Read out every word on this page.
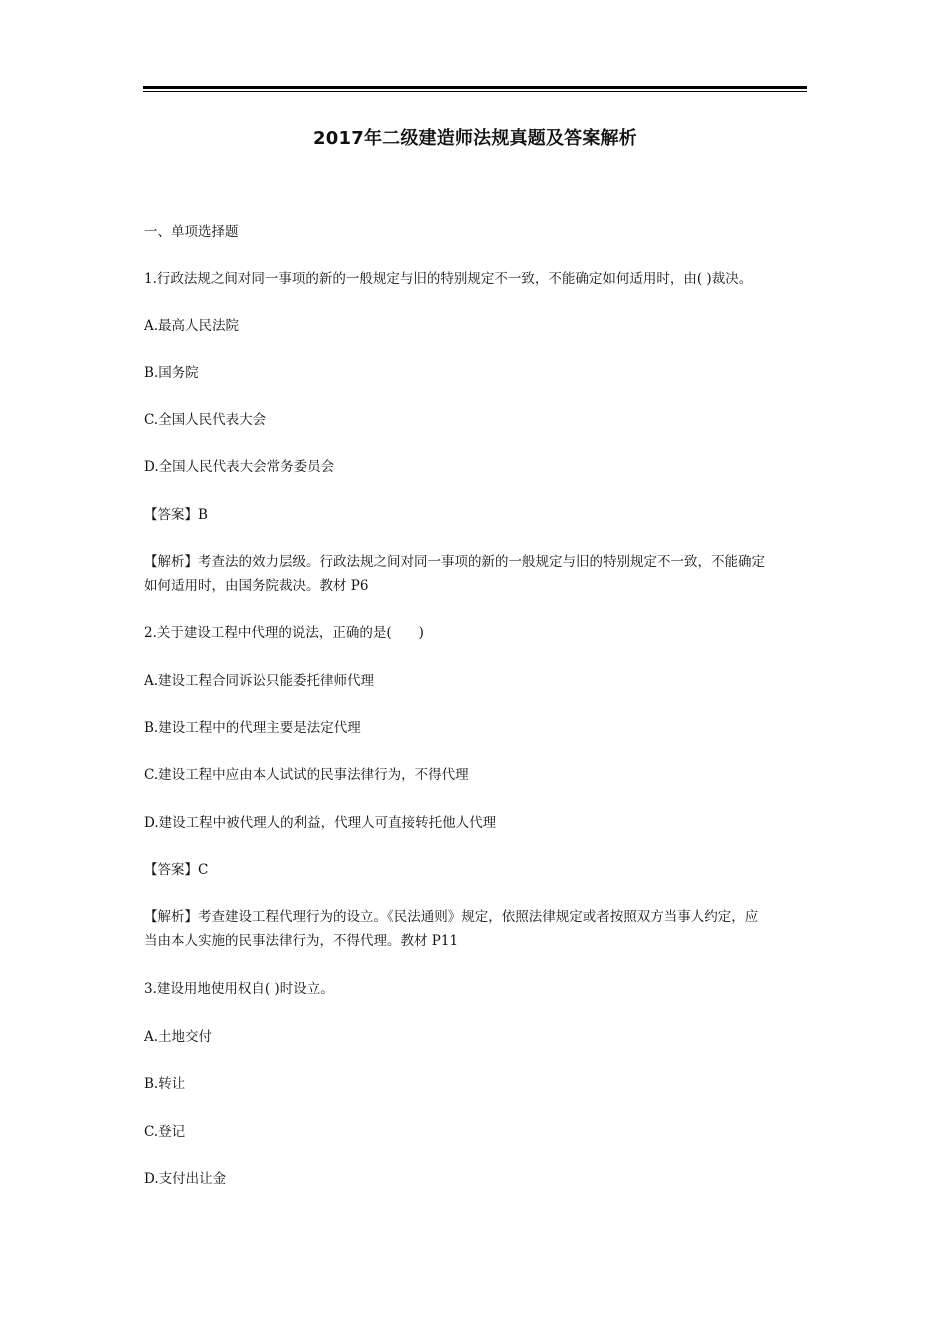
2017年二级建造师法规真题及答案解析
一、单项选择题
1.行政法规之间对同一事项的新的一般规定与旧的特别规定不一致，不能确定如何适用时，由( )裁决。
A.最高人民法院
B.国务院
C.全国人民代表大会
D.全国人民代表大会常务委员会
【答案】B
【解析】考查法的效力层级。行政法规之间对同一事项的新的一般规定与旧的特别规定不一致，不能确定
如何适用时，由国务院裁决。教材 P6
2.关于建设工程中代理的说法，正确的是(　　)
A.建设工程合同诉讼只能委托律师代理
B.建设工程中的代理主要是法定代理
C.建设工程中应由本人试试的民事法律行为，不得代理
D.建设工程中被代理人的利益，代理人可直接转托他人代理
【答案】C
【解析】考查建设工程代理行为的设立。《民法通则》规定，依照法律规定或者按照双方当事人约定，应
当由本人实施的民事法律行为，不得代理。教材 P11
3.建设用地使用权自( )时设立。
A.土地交付
B.转让
C.登记
D.支付出让金
